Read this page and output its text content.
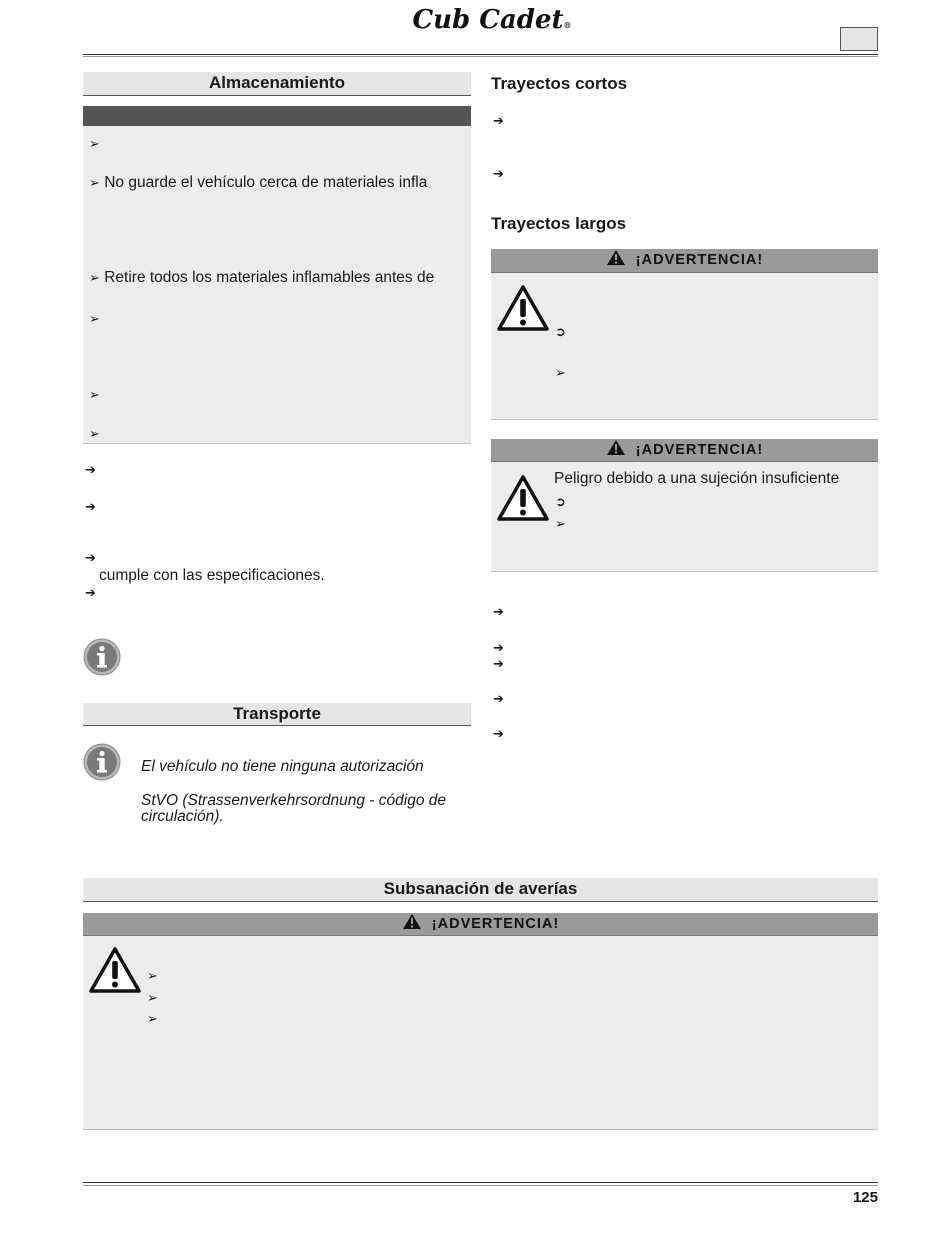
Cub Cadet®
Almacenamiento
➢
➢ No guarde el vehículo cerca de materiales infla
➢ Retire todos los materiales inflamables antes de
➢
➢
➢
➔
➔
➔
cumple con las especificaciones.
➔
Transporte
El vehículo no tiene ninguna autorización
StVO (Strassenverkehrsordnung - código de
circulación).
Trayectos cortos
➔
➔
Trayectos largos
¡ADVERTENCIA!
➲
➢
¡ADVERTENCIA!
Peligro debido a una sujeción insuficiente
➲
➢
➔
➔
➔
➔
➔
Subsanación de averías
¡ADVERTENCIA!
➢
➢
➢
125
